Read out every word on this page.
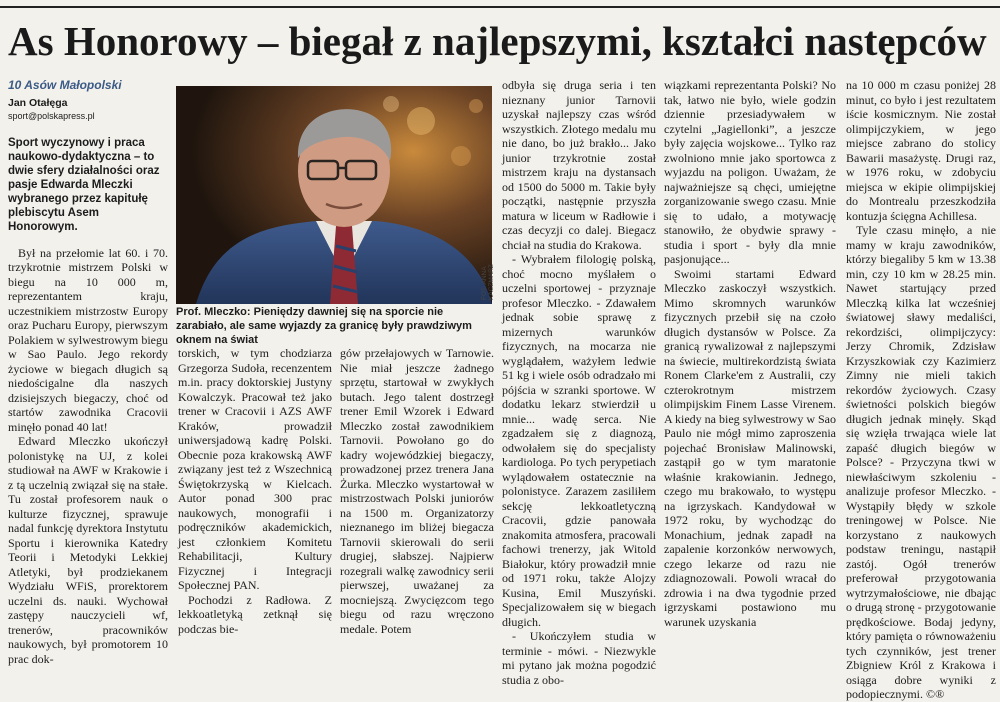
As Honorowy – biegał z najlepszymi, kształci następców
10 Asów Małopolski
Jan Otałęga
sport@polskapress.pl
Sport wyczynowy i praca naukowo-dydaktyczna – to dwie sfery działalności oraz pasje Edwarda Mleczki wybranego przez kapitułę plebiscytu Asem Honorowym.

Był na przełomie lat 60. i 70. trzykrotnie mistrzem Polski w biegu na 10 000 m, reprezentantem kraju, uczestnikiem mistrzostw Europy oraz Pucharu Europy, pierwszym Polakiem w sylwestrowym biegu w Sao Paulo. Jego rekordy życiowe w biegach długich są niedościgalne dla naszych dzisiejszych biegaczy, choć od startów zawodnika Cracovii minęło ponad 40 lat!

Edward Mleczko ukończył polonistykę na UJ, z kolei studiował na AWF w Krakowie i z tą uczelnią związał się na stałe. Tu został profesorem nauk o kulturze fizycznej, sprawuje nadal funkcję dyrektora Instytutu Sportu i kierownika Katedry Teorii i Metodyki Lekkiej Atletyki, był prodziekanem Wydziału WFiS, prorektorem uczelni ds. nauki. Wychował zastępy nauczycieli wf, trenerów, pracowników naukowych, był promotorem 10 prac dok-

FOT. ANNA KACZMARZ
Prof. Mleczko: Pieniędzy dawniej się na sporcie nie zarabiało, ale same wyjazdy za granicę były prawdziwym oknem na świat

torskich, w tym chodziarza Grzegorza Sudoła, recenzentem m.in. pracy doktorskiej Justyny Kowalczyk. Pracował też jako trener w Cracovii i AZS AWF Kraków, prowadził uniwersjadową kadrę Polski. Obecnie poza krakowską AWF związany jest też z Wszechnicą Świętokrzyską w Kielcach. Autor ponad 300 prac naukowych, monografii i podręczników akademickich, jest członkiem Komitetu Rehabilitacji, Kultury Fizycznej i Integracji Społecznej PAN.

Pochodzi z Radłowa. Z lekkoatletyką zetknął się podczas bie-

gów przełajowych w Tarnowie. Nie miał jeszcze żadnego sprzętu, startował w zwykłych butach. Jego talent dostrzegł trener Emil Wzorek i Edward Mleczko został zawodnikiem Tarnovii. Powołano go do kadry wojewódzkiej biegaczy, prowadzonej przez trenera Jana Żurka. Mleczko wystartował w mistrzostwach Polski juniorów na 1500 m. Organizatorzy nieznanego im bliżej biegacza Tarnovii skierowali do serii drugiej, słabszej. Najpierw rozegrali walkę zawodnicy serii pierwszej, uważanej za mocniejszą. Zwycięzcom tego biegu od razu wręczono medale. Potem

odbyła się druga seria i ten nieznany junior Tarnovii uzyskał najlepszy czas wśród wszystkich. Złotego medalu mu nie dano, bo już brakło... Jako junior trzykrotnie został mistrzem kraju na dystansach od 1500 do 5000 m. Takie były początki, następnie przyszła matura w liceum w Radłowie i czas decyzji co dalej. Biegacz chciał na studia do Krakowa.

- Wybrałem filologię polską, choć mocno myślałem o uczelni sportowej - przyznaje profesor Mleczko. - Zdawałem jednak sobie sprawę z mizernych warunków fizycznych, na mocarza nie wyglądałem, ważyłem ledwie 51 kg i wiele osób odradzało mi pójścia w szranki sportowe. W dodatku lekarz stwierdził u mnie... wadę serca. Nie zgadzałem się z diagnozą, odwołałem się do specjalisty kardiologa. Po tych perypetiach wylądowałem ostatecznie na polonistyce. Zarazem zasiliłem sekcję lekkoatletyczną Cracovii, gdzie panowała znakomita atmosfera, pracowali fachowi trenerzy, jak Witold Białokur, który prowadził mnie od 1971 roku, także Alojzy Kusina, Emil Muszyński. Specjalizowałem się w biegach długich.

- Ukończyłem studia w terminie - mówi. - Niezwykle mi pytano jak można pogodzić studia z obo-

wiązkami reprezentanta Polski? No tak, łatwo nie było, wiele godzin dziennie przesiadywałem w czytelni „Jagiellonki”, a jeszcze były zajęcia wojskowe... Tylko raz zwolniono mnie jako sportowca z wyjazdu na poligon. Uważam, że najważniejsze są chęci, umiejętne zorganizowanie swego czasu. Mnie się to udało, a motywację stanowiło, że obydwie sprawy - studia i sport - były dla mnie pasjonujące...

Swoimi startami Edward Mleczko zaskoczył wszystkich. Mimo skromnych warunków fizycznych przebił się na czoło długich dystansów w Polsce. Za granicą rywalizował z najlepszymi na świecie, multirekordzistą świata Ronem Clarke'em z Australii, czy czterokrotnym mistrzem olimpijskim Finem Lasse Virenem. A kiedy na bieg sylwestrowy w Sao Paulo nie mógł mimo zaproszenia pojechać Bronisław Malinowski, zastąpił go w tym maratonie właśnie krakowianin. Jednego, czego mu brakowało, to występu na igrzyskach. Kandydował w 1972 roku, by wychodząc do Monachium, jednak zapadł na zapalenie korzonków nerwowych, czego lekarze od razu nie zdiagnozowali. Powoli wracał do zdrowia i na dwa tygodnie przed igrzyskami postawiono mu warunek uzyskania

na 10 000 m czasu poniżej 28 minut, co było i jest rezultatem iście kosmicznym. Nie został olimpijczykiem, w jego miejsce zabrano do stolicy Bawarii masażystę. Drugi raz, w 1976 roku, w zdobyciu miejsca w ekipie olimpijskiej do Montrealu przeszkodziła kontuzja ścięgna Achillesa.

Tyle czasu minęło, a nie mamy w kraju zawodników, którzy biegaliby 5 km w 13.38 min, czy 10 km w 28.25 min. Nawet startujący przed Mleczką kilka lat wcześniej światowej sławy medaliści, rekordziści, olimpijczycy: Jerzy Chromik, Zdzisław Krzyszkowiak czy Kazimierz Zimny nie mieli takich rekordów życiowych. Czasy świetności polskich biegów długich jednak minęły. Skąd się wzięła trwająca wiele lat zapaść długich biegów w Polsce? - Przyczyna tkwi w niewłaściwym szkoleniu - analizuje profesor Mleczko. - Wystąpiły błędy w szkole treningowej w Polsce. Nie korzystano z naukowych podstaw treningu, nastąpił zastój. Ogół trenerów preferował przygotowania wytrzymałościowe, nie dbając o drugą stronę - przygotowanie prędkościowe. Bodaj jedyny, który pamięta o równoważeniu tych czynników, jest trener Zbigniew Król z Krakowa i osiąga dobre wyniki z podopiecznymi. ©®
